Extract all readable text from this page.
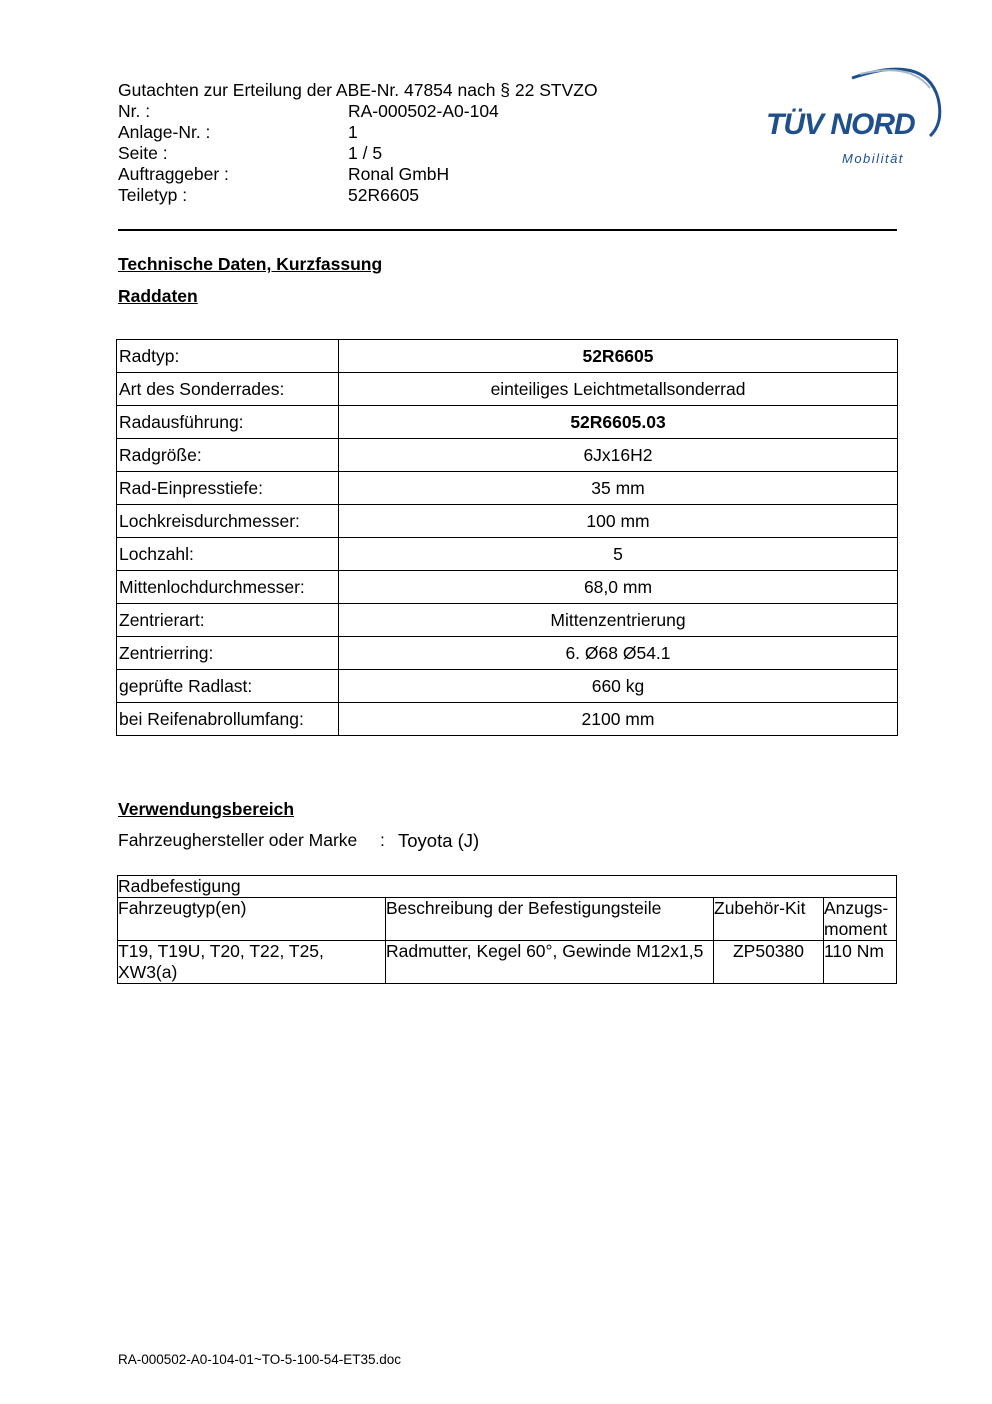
Gutachten zur Erteilung der ABE-Nr. 47854 nach § 22 STVZO
Nr. :	RA-000502-A0-104
Anlage-Nr. :	1
Seite :	1 / 5
Auftraggeber :	Ronal GmbH
Teiletyp :	52R6605
TÜV NORD
Mobilität
Technische Daten, Kurzfassung
Raddaten
Radtyp:	52R6605
Art des Sonderrades:	einteiliges Leichtmetallsonderrad
Radausführung:	52R6605.03
Radgröße:	6Jx16H2
Rad-Einpresstiefe:	35 mm
Lochkreisdurchmesser:	100 mm
Lochzahl:	5
Mittenlochdurchmesser:	68,0 mm
Zentrierart:	Mittenzentrierung
Zentrierring:	6. Ø68 Ø54.1
geprüfte Radlast:	660 kg
bei Reifenabrollumfang:	2100 mm
Verwendungsbereich
Fahrzeughersteller oder Marke	: Toyota (J)
Radbefestigung			
Fahrzeugtyp(en)	Beschreibung der Befestigungsteile	Zubehör-Kit	Anzugs-moment
T19, T19U, T20, T22, T25, XW3(a)	Radmutter, Kegel 60°, Gewinde M12x1,5	ZP50380	110 Nm
RA-000502-A0-104-01~TO-5-100-54-ET35.doc
